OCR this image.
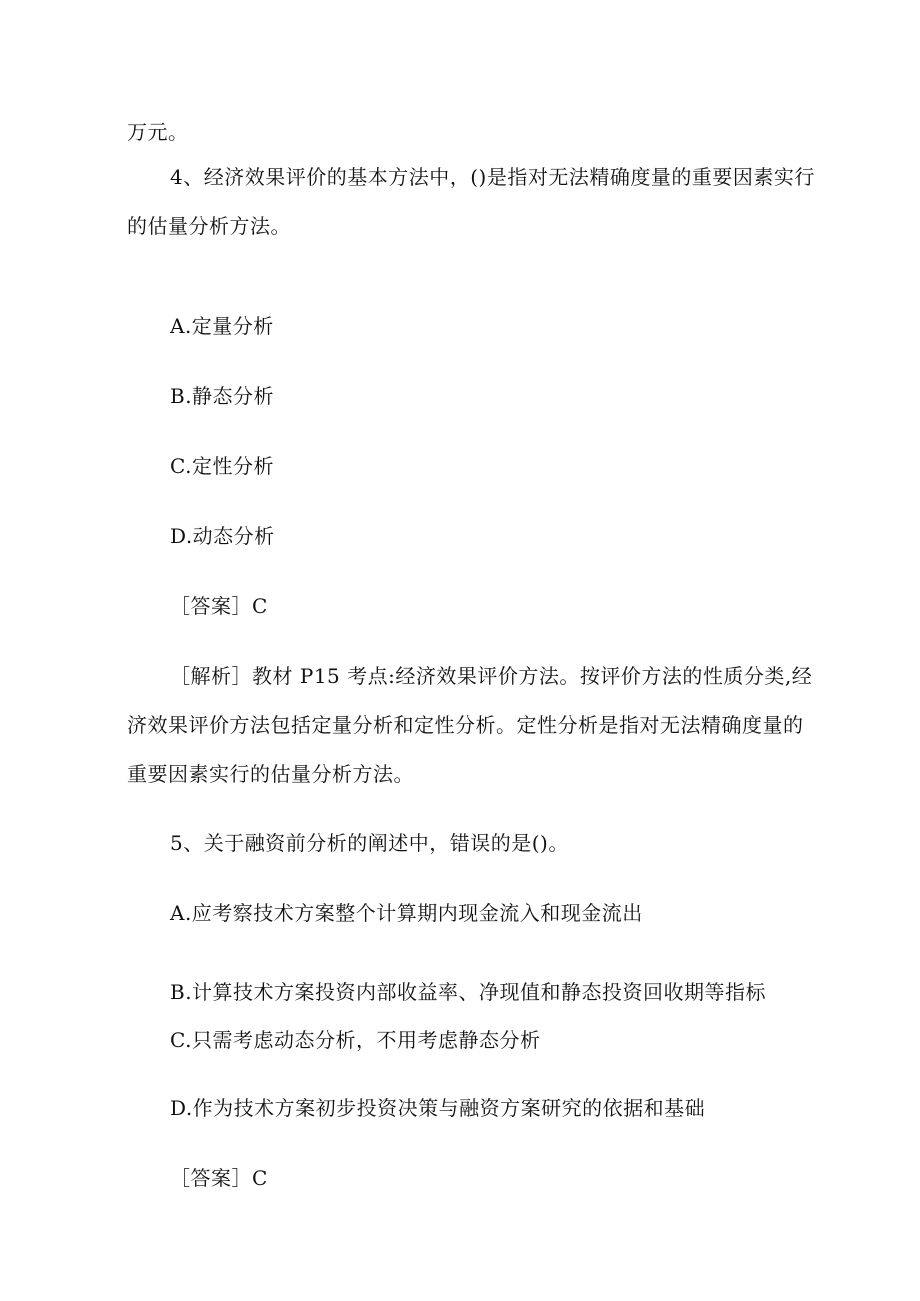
万元。
4、经济效果评价的基本方法中，()是指对无法精确度量的重要因素实行
的估量分析方法。
A.定量分析
B.静态分析
C.定性分析
D.动态分析
［答案］C
［解析］教材 P15 考点:经济效果评价方法。按评价方法的性质分类,经
济效果评价方法包括定量分析和定性分析。定性分析是指对无法精确度量的
重要因素实行的估量分析方法。
5、关于融资前分析的阐述中，错误的是()。
A.应考察技术方案整个计算期内现金流入和现金流出
B.计算技术方案投资内部收益率、净现值和静态投资回收期等指标
C.只需考虑动态分析，不用考虑静态分析
D.作为技术方案初步投资决策与融资方案研究的依据和基础
［答案］C
